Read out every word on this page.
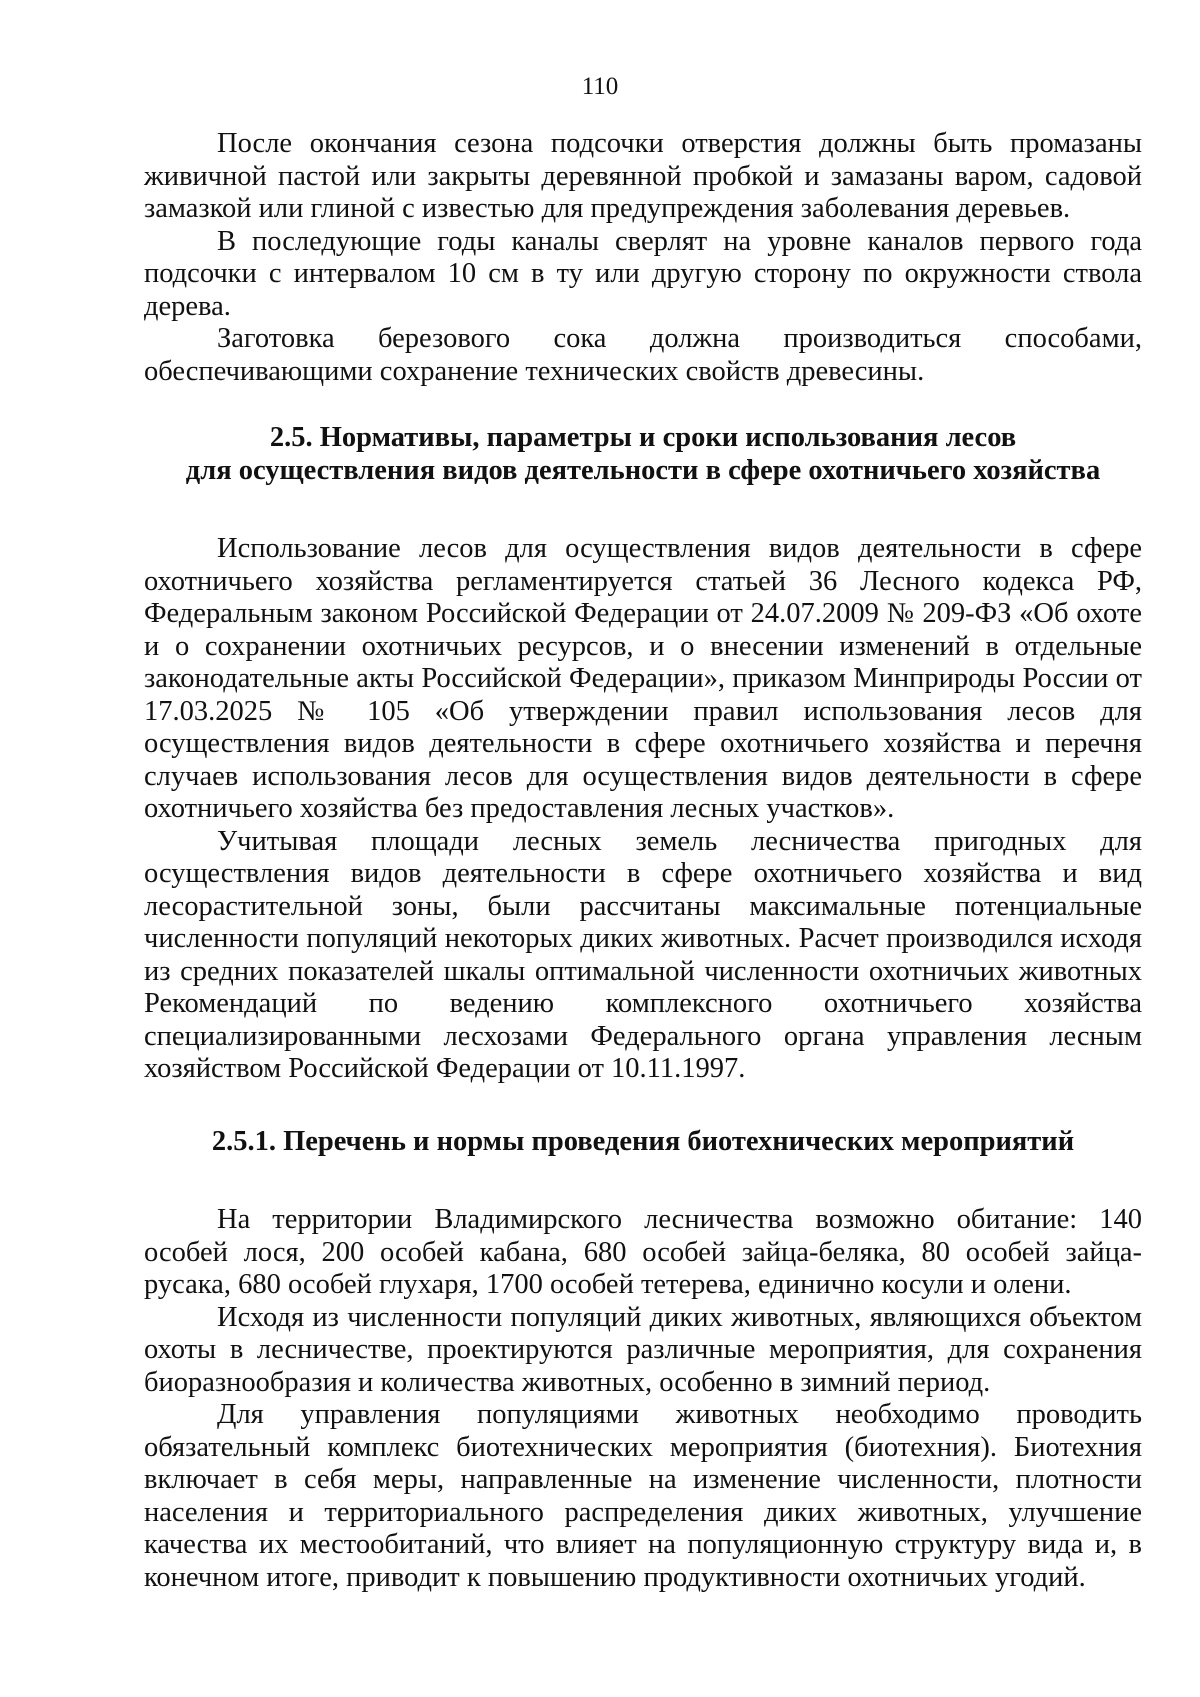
110

После окончания сезона подсочки отверстия должны быть промазаны живичной пастой или закрыты деревянной пробкой и замазаны варом, садовой замазкой или глиной с известью для предупреждения заболевания деревьев.

В последующие годы каналы сверлят на уровне каналов первого года подсочки с интервалом 10 см в ту или другую сторону по окружности ствола дерева.

Заготовка березового сока должна производиться способами, обеспечивающими сохранение технических свойств древесины.

2.5. Нормативы, параметры и сроки использования лесов
для осуществления видов деятельности в сфере охотничьего хозяйства

Использование лесов для осуществления видов деятельности в сфере охотничьего хозяйства регламентируется статьей 36 Лесного кодекса РФ, Федеральным законом Российской Федерации от 24.07.2009 № 209-ФЗ «Об охоте и о сохранении охотничьих ресурсов, и о внесении изменений в отдельные законодательные акты Российской Федерации», приказом Минприроды России от 17.03.2025 № 105 «Об утверждении правил использования лесов для осуществления видов деятельности в сфере охотничьего хозяйства и перечня случаев использования лесов для осуществления видов деятельности в сфере охотничьего хозяйства без предоставления лесных участков».

Учитывая площади лесных земель лесничества пригодных для осуществления видов деятельности в сфере охотничьего хозяйства и вид лесорастительной зоны, были рассчитаны максимальные потенциальные численности популяций некоторых диких животных. Расчет производился исходя из средних показателей шкалы оптимальной численности охотничьих животных Рекомендаций по ведению комплексного охотничьего хозяйства специализированными лесхозами Федерального органа управления лесным хозяйством Российской Федерации от 10.11.1997.

2.5.1. Перечень и нормы проведения биотехнических мероприятий

На территории Владимирского лесничества возможно обитание: 140 особей лося, 200 особей кабана, 680 особей зайца-беляка, 80 особей зайца-русака, 680 особей глухаря, 1700 особей тетерева, единично косули и олени.

Исходя из численности популяций диких животных, являющихся объектом охоты в лесничестве, проектируются различные мероприятия, для сохранения биоразнообразия и количества животных, особенно в зимний период.

Для управления популяциями животных необходимо проводить обязательный комплекс биотехнических мероприятия (биотехния). Биотехния включает в себя меры, направленные на изменение численности, плотности населения и территориального распределения диких животных, улучшение качества их местообитаний, что влияет на популяционную структуру вида и, в конечном итоге, приводит к повышению продуктивности охотничьих угодий.
